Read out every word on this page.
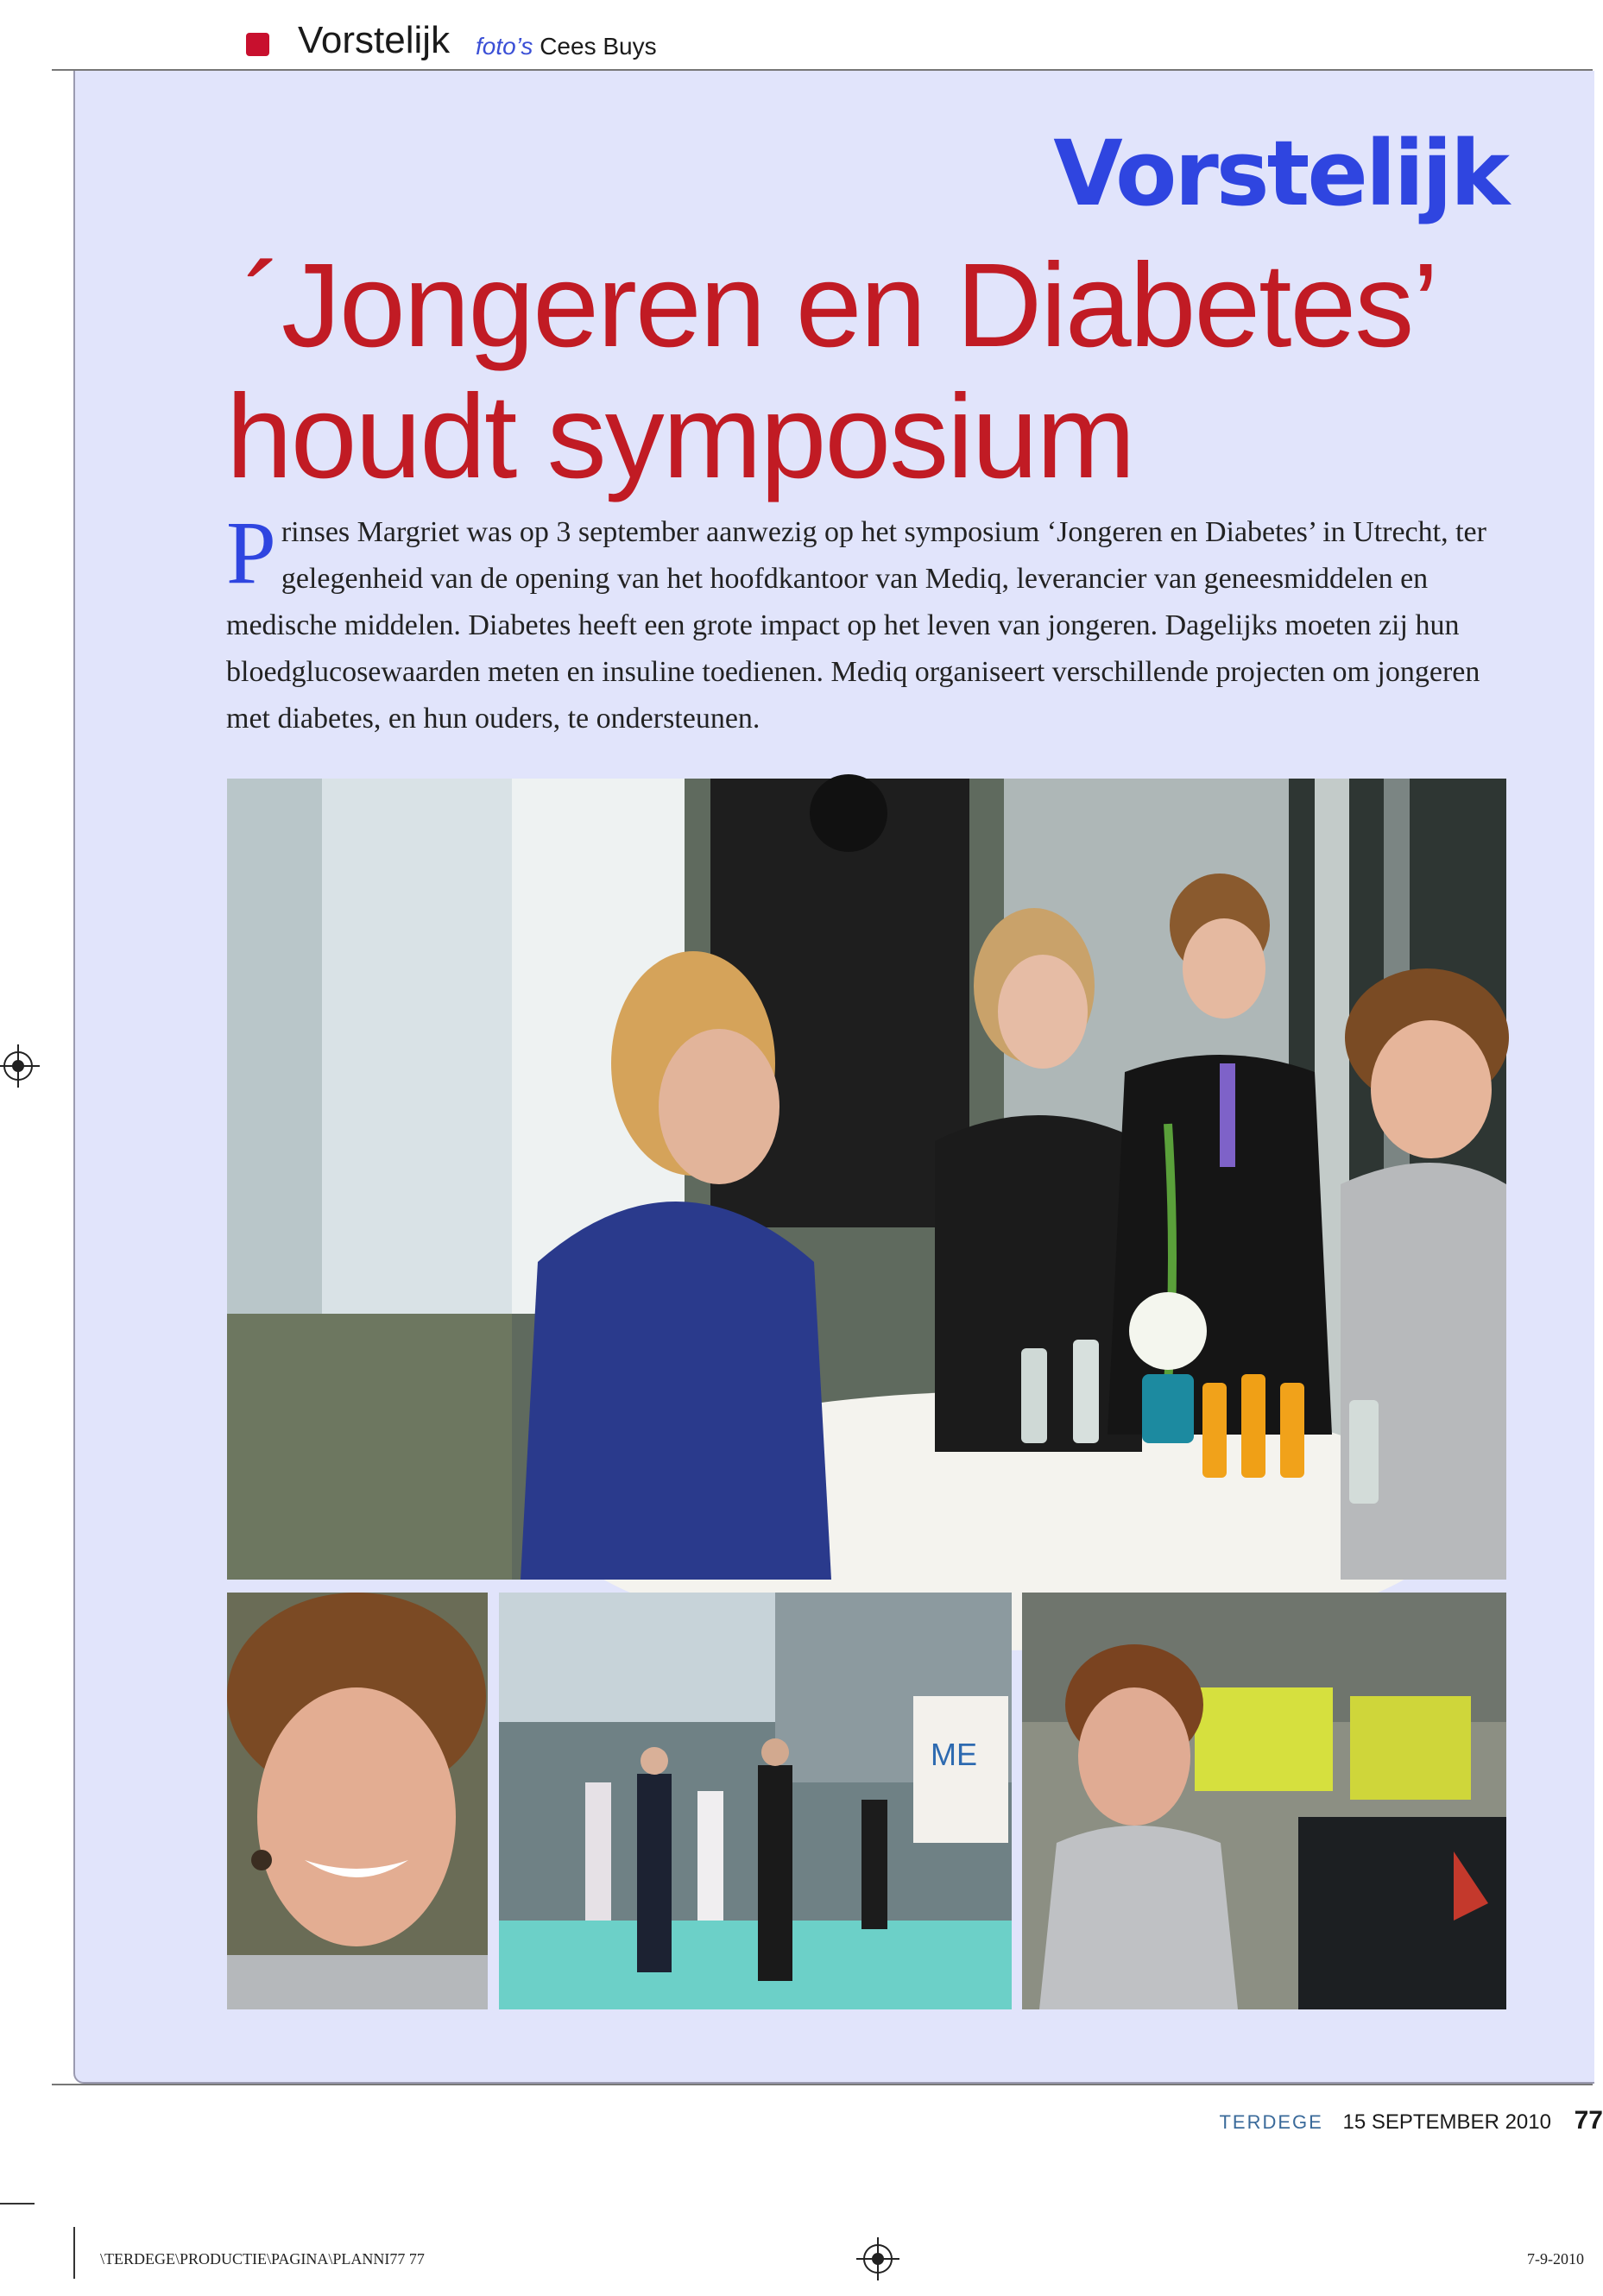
Vorstelijk foto’s Cees Buys
Vorstelijk
´Jongeren en Diabetes’
houdt symposium
P rinses Margriet was op 3 september aanwezig op het symposium ‘Jongeren en Diabetes’ in Utrecht, ter gelegenheid van de opening van het hoofdkantoor van Mediq, leverancier van geneesmiddelen en medische middelen. Diabetes heeft een grote impact op het leven van jongeren. Dagelijks moeten zij hun bloedglucosewaarden meten en insuline toedienen. Mediq organiseert verschillende projecten om jongeren met diabetes, en hun ouders, te ondersteunen.
ME
TERDEGE 15 SEPTEMBER 2010 77
\TERDEGE\PRODUCTIE\PAGINA\PLANNI77 77	7-9-2010
